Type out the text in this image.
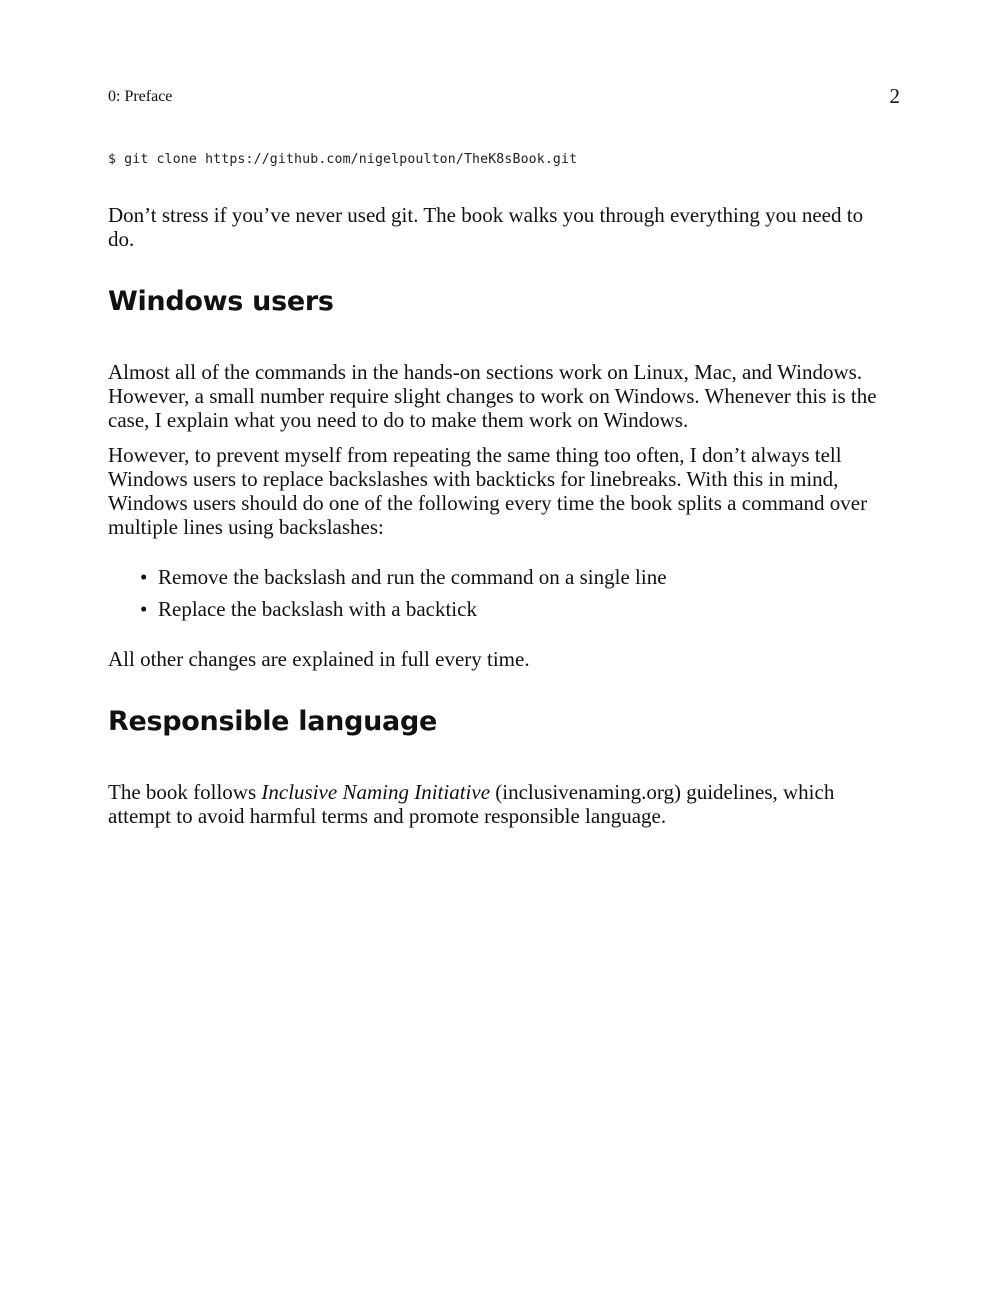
0: Preface	2
$ git clone https://github.com/nigelpoulton/TheK8sBook.git

Don’t stress if you’ve never used git. The book walks you through everything you need to do.

Windows users

Almost all of the commands in the hands-on sections work on Linux, Mac, and Windows. However, a small number require slight changes to work on Windows. Whenever this is the case, I explain what you need to do to make them work on Windows.

However, to prevent myself from repeating the same thing too often, I don’t always tell Windows users to replace backslashes with backticks for linebreaks. With this in mind, Windows users should do one of the following every time the book splits a command over multiple lines using backslashes:

• Remove the backslash and run the command on a single line
• Replace the backslash with a backtick

All other changes are explained in full every time.

Responsible language

The book follows Inclusive Naming Initiative (inclusivenaming.org) guidelines, which attempt to avoid harmful terms and promote responsible language.
